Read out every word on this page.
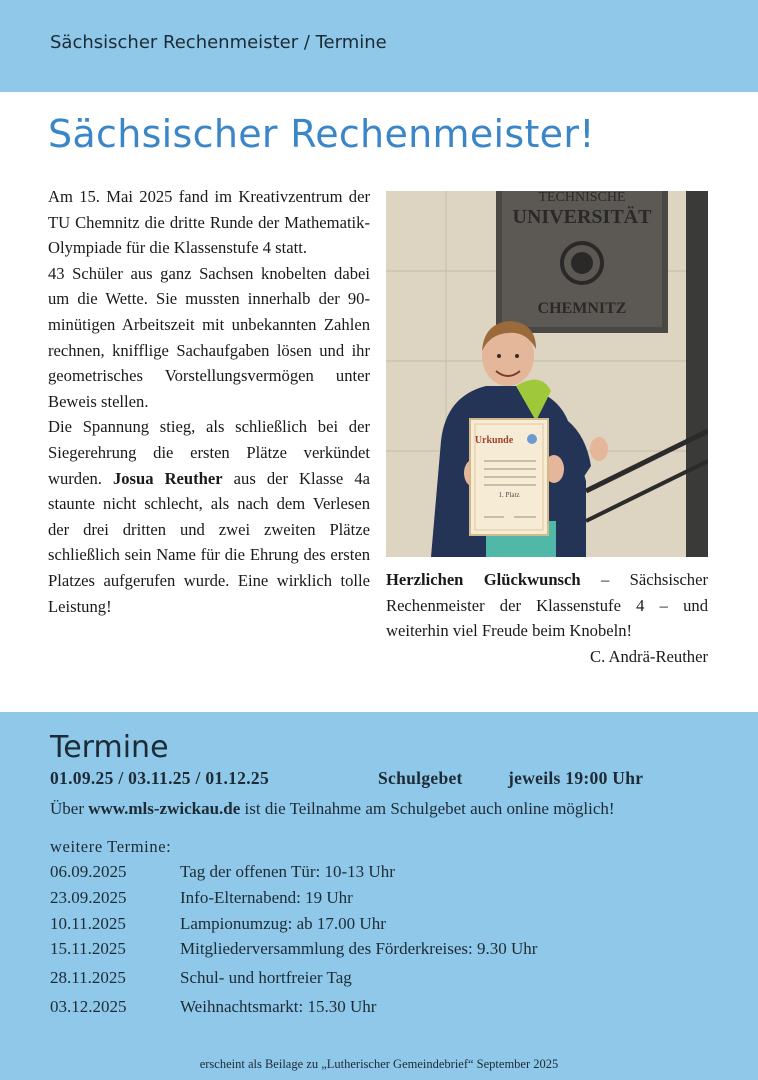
Sächsischer Rechenmeister / Termine
Sächsischer Rechenmeister!

Am 15. Mai 2025 fand im Kreativzentrum der TU Chemnitz die dritte Runde der Mathematik-Olympiade für die Klassenstufe 4 statt.

43 Schüler aus ganz Sachsen knobelten dabei um die Wette. Sie mussten innerhalb der 90-minütigen Arbeitszeit mit unbekannten Zahlen rechnen, knifflige Sachaufgaben lösen und ihr geometrisches Vorstellungsvermögen unter Beweis stellen.

Die Spannung stieg, als schließlich bei der Siegerehrung die ersten Plätze verkündet wurden. Josua Reuther aus der Klasse 4a staunte nicht schlecht, als nach dem Verlesen der drei dritten und zwei zweiten Plätze schließlich sein Name für die Ehrung des ersten Platzes aufgerufen wurde. Eine wirklich tolle Leistung!

TECHNISCHE
UNIVERSITÄT
CHEMNITZ
Urkunde
1. Platz

Herzlichen Glückwunsch – Sächsischer Rechenmeister der Klassenstufe 4 – und weiterhin viel Freude beim Knobeln!

C. Andrä-Reuther

Termine
01.09.25 / 03.11.25 / 01.12.25	Schulgebet	jeweils 19:00 Uhr
Über www.mls-zwickau.de ist die Teilnahme am Schulgebet auch online möglich!
weitere Termine:
06.09.2025	Tag der offenen Tür: 10-13 Uhr
23.09.2025	Info-Elternabend: 19 Uhr
10.11.2025	Lampionumzug: ab 17.00 Uhr
15.11.2025	Mitgliederversammlung des Förderkreises: 9.30 Uhr
28.11.2025	Schul- und hortfreier Tag
03.12.2025	Weihnachtsmarkt: 15.30 Uhr
erscheint als Beilage zu „Lutherischer Gemeindebrief“ September 2025
